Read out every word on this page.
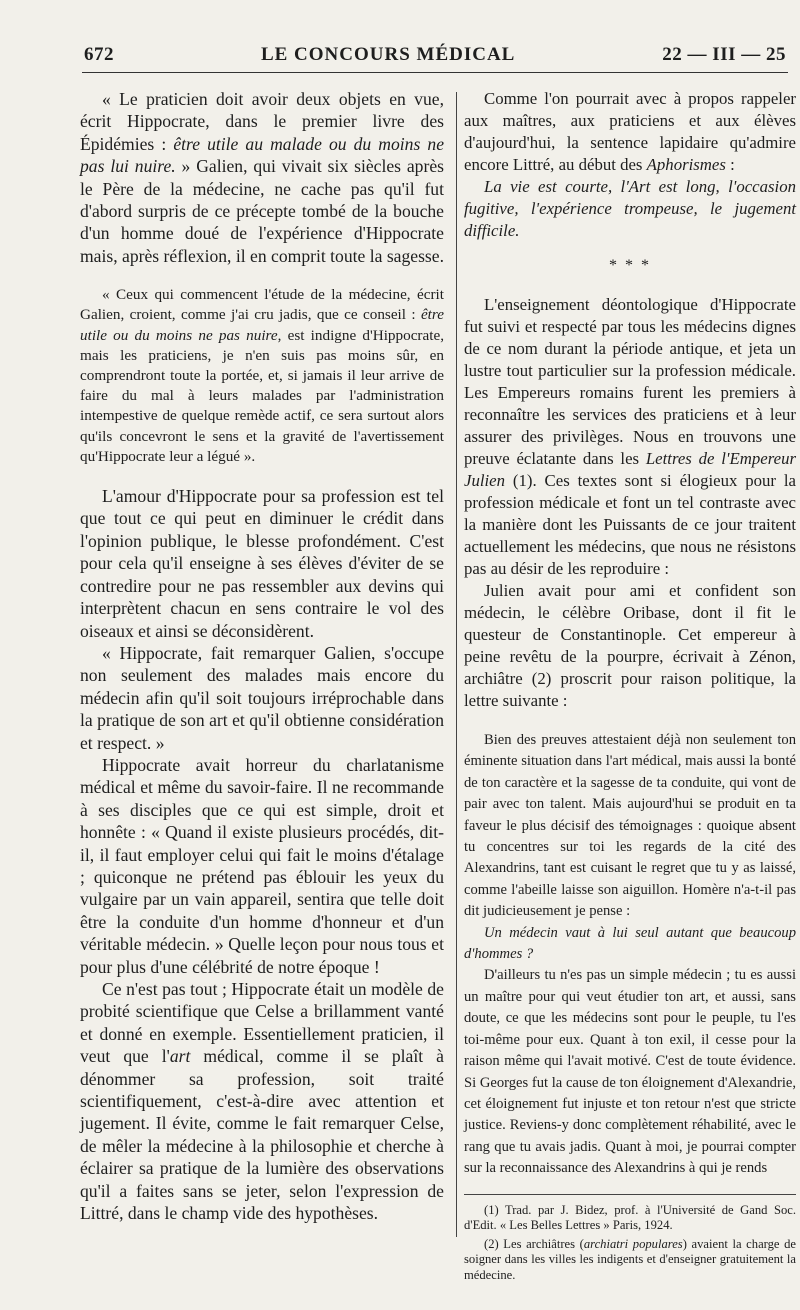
672	LE CONCOURS MÉDICAL	22 — III — 25

« Le praticien doit avoir deux objets en vue, écrit Hippocrate, dans le premier livre des Épidémies : être utile au malade ou du moins ne pas lui nuire. » Galien, qui vivait six siècles après le Père de la médecine, ne cache pas qu'il fut d'abord surpris de ce précepte tombé de la bouche d'un homme doué de l'expérience d'Hippocrate mais, après réflexion, il en comprit toute la sagesse.

« Ceux qui commencent l'étude de la médecine, écrit Galien, croient, comme j'ai cru jadis, que ce conseil : être utile ou du moins ne pas nuire, est indigne d'Hippocrate, mais les praticiens, je n'en suis pas moins sûr, en comprendront toute la portée, et, si jamais il leur arrive de faire du mal à leurs malades par l'administration intempestive de quelque remède actif, ce sera surtout alors qu'ils concevront le sens et la gravité de l'avertissement qu'Hippocrate leur a légué ».

L'amour d'Hippocrate pour sa profession est tel que tout ce qui peut en diminuer le crédit dans l'opinion publique, le blesse profondément. C'est pour cela qu'il enseigne à ses élèves d'éviter de se contredire pour ne pas ressembler aux devins qui interprètent chacun en sens contraire le vol des oiseaux et ainsi se déconsidèrent.

« Hippocrate, fait remarquer Galien, s'occupe non seulement des malades mais encore du médecin afin qu'il soit toujours irréprochable dans la pratique de son art et qu'il obtienne considération et respect. »

Hippocrate avait horreur du charlatanisme médical et même du savoir-faire. Il ne recommande à ses disciples que ce qui est simple, droit et honnête : « Quand il existe plusieurs procédés, dit-il, il faut employer celui qui fait le moins d'étalage ; quiconque ne prétend pas éblouir les yeux du vulgaire par un vain appareil, sentira que telle doit être la conduite d'un homme d'honneur et d'un véritable médecin. » Quelle leçon pour nous tous et pour plus d'une célébrité de notre époque !

Ce n'est pas tout ; Hippocrate était un modèle de probité scientifique que Celse a brillamment vanté et donné en exemple. Essentiellement praticien, il veut que l'art médical, comme il se plaît à dénommer sa profession, soit traité scientifiquement, c'est-à-dire avec attention et jugement. Il évite, comme le fait remarquer Celse, de mêler la médecine à la philosophie et cherche à éclairer sa pratique de la lumière des observations qu'il a faites sans se jeter, selon l'expression de Littré, dans le champ vide des hypothèses.

Comme l'on pourrait avec à propos rappeler aux maîtres, aux praticiens et aux élèves d'aujourd'hui, la sentence lapidaire qu'admire encore Littré, au début des Aphorismes :

La vie est courte, l'Art est long, l'occasion fugitive, l'expérience trompeuse, le jugement difficile.

* * *

L'enseignement déontologique d'Hippocrate fut suivi et respecté par tous les médecins dignes de ce nom durant la période antique, et jeta un lustre tout particulier sur la profession médicale. Les Empereurs romains furent les premiers à reconnaître les services des praticiens et à leur assurer des privilèges. Nous en trouvons une preuve éclatante dans les Lettres de l'Empereur Julien (1). Ces textes sont si élogieux pour la profession médicale et font un tel contraste avec la manière dont les Puissants de ce jour traitent actuellement les médecins, que nous ne résistons pas au désir de les reproduire :

Julien avait pour ami et confident son médecin, le célèbre Oribase, dont il fit le questeur de Constantinople. Cet empereur à peine revêtu de la pourpre, écrivait à Zénon, archiâtre (2) proscrit pour raison politique, la lettre suivante :

Bien des preuves attestaient déjà non seulement ton éminente situation dans l'art médical, mais aussi la bonté de ton caractère et la sagesse de ta conduite, qui vont de pair avec ton talent. Mais aujourd'hui se produit en ta faveur le plus décisif des témoignages : quoique absent tu concentres sur toi les regards de la cité des Alexandrins, tant est cuisant le regret que tu y as laissé, comme l'abeille laisse son aiguillon. Homère n'a-t-il pas dit judicieusement je pense :

Un médecin vaut à lui seul autant que beaucoup d'hommes ?

D'ailleurs tu n'es pas un simple médecin ; tu es aussi un maître pour qui veut étudier ton art, et aussi, sans doute, ce que les médecins sont pour le peuple, tu l'es toi-même pour eux. Quant à ton exil, il cesse pour la raison même qui l'avait motivé. C'est de toute évidence. Si Georges fut la cause de ton éloignement d'Alexandrie, cet éloignement fut injuste et ton retour n'est que stricte justice. Reviens-y donc complètement réhabilité, avec le rang que tu avais jadis. Quant à moi, je pourrai compter sur la reconnaissance des Alexandrins à qui je rends

(1) Trad. par J. Bidez, prof. à l'Université de Gand Soc. d'Edit. « Les Belles Lettres » Paris, 1924.

(2) Les archiâtres (archiatri populares) avaient la charge de soigner dans les villes les indigents et d'enseigner gratuitement la médecine.
